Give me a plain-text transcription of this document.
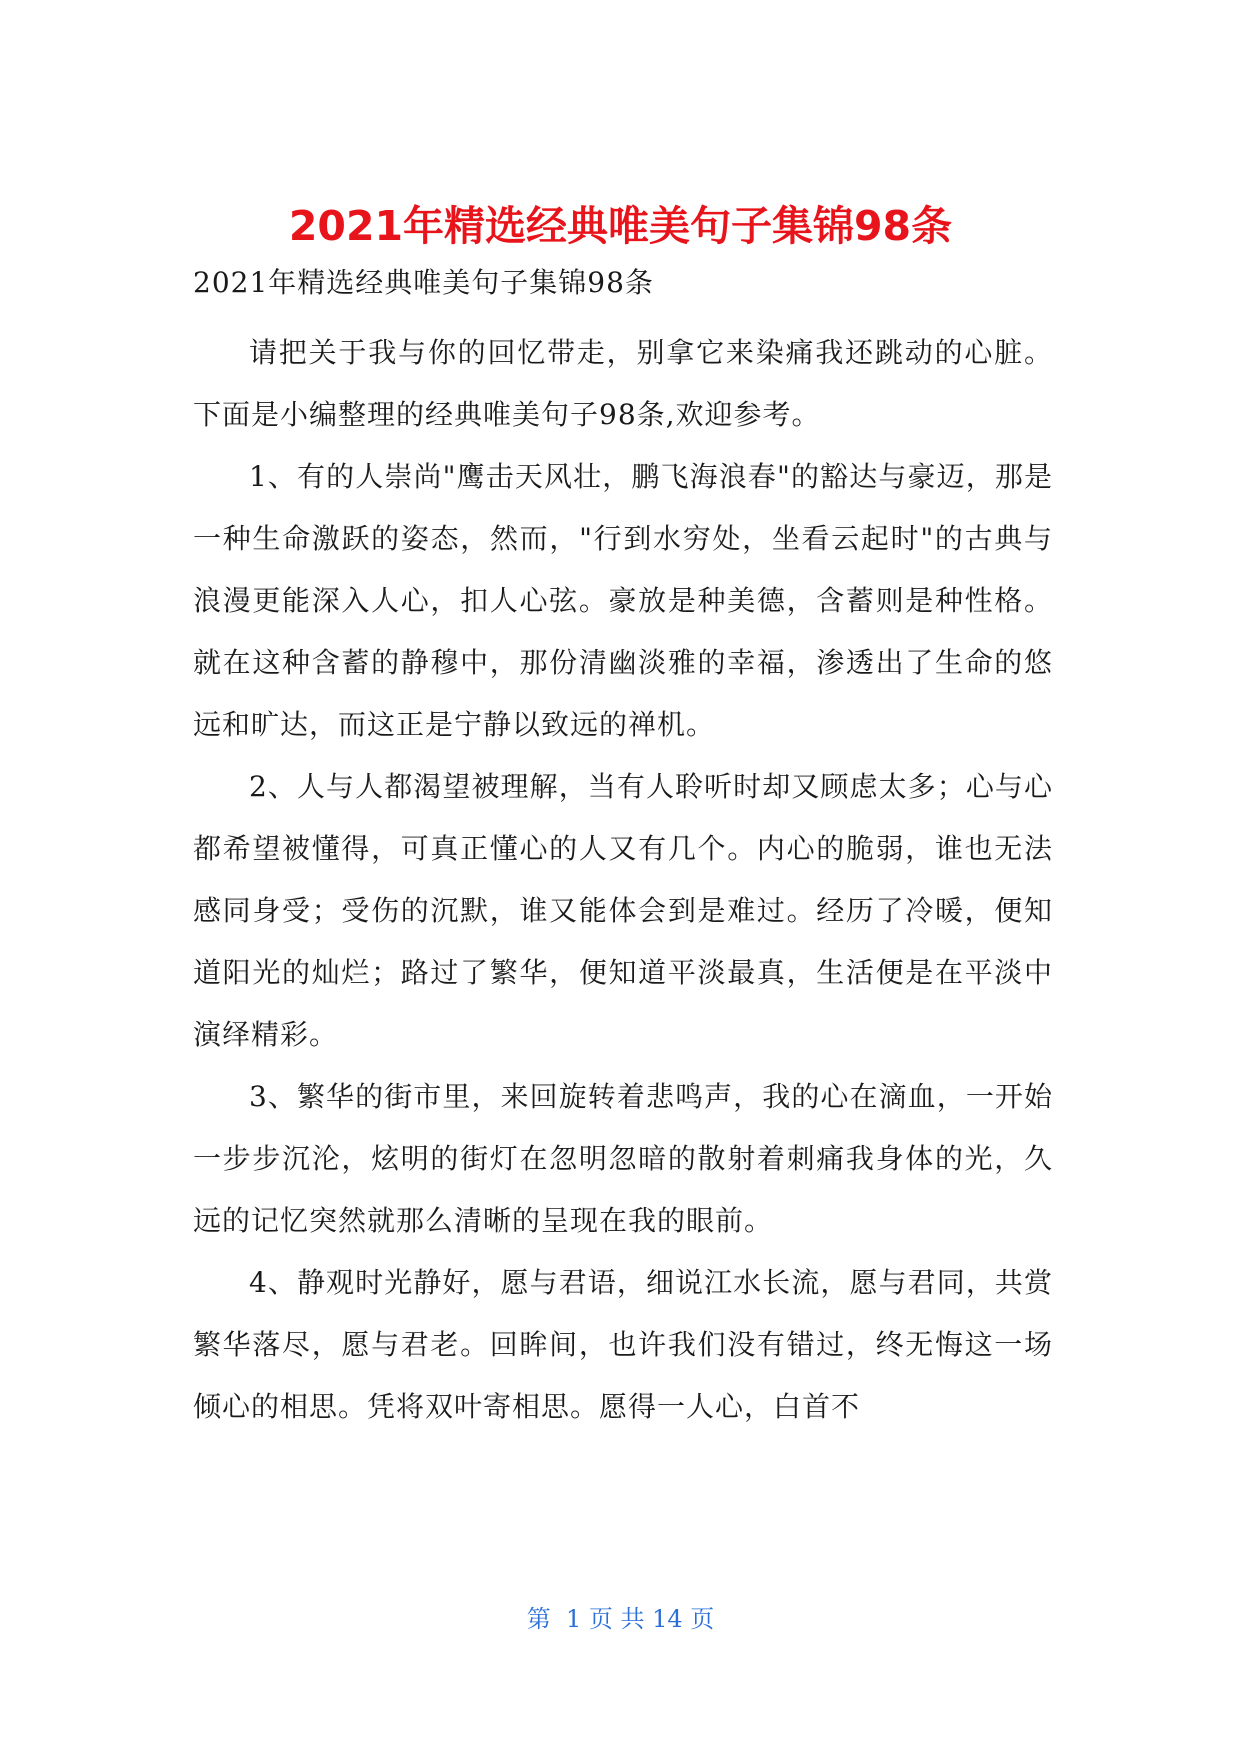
2021年精选经典唯美句子集锦98条

2021年精选经典唯美句子集锦98条

请把关于我与你的回忆带走，别拿它来染痛我还跳动的心脏。下面是小编整理的经典唯美句子98条,欢迎参考。

1、有的人崇尚"鹰击天风壮，鹏飞海浪春"的豁达与豪迈，那是一种生命激跃的姿态，然而，"行到水穷处，坐看云起时"的古典与浪漫更能深入人心，扣人心弦。豪放是种美德，含蓄则是种性格。就在这种含蓄的静穆中，那份清幽淡雅的幸福，渗透出了生命的悠远和旷达，而这正是宁静以致远的禅机。

2、人与人都渴望被理解，当有人聆听时却又顾虑太多；心与心都希望被懂得，可真正懂心的人又有几个。内心的脆弱，谁也无法感同身受；受伤的沉默，谁又能体会到是难过。经历了冷暖，便知道阳光的灿烂；路过了繁华，便知道平淡最真，生活便是在平淡中演绎精彩。

3、繁华的街市里，来回旋转着悲鸣声，我的心在滴血，一开始一步步沉沦，炫明的街灯在忽明忽暗的散射着刺痛我身体的光，久远的记忆突然就那么清晰的呈现在我的眼前。

4、静观时光静好，愿与君语，细说江水长流，愿与君同，共赏繁华落尽，愿与君老。回眸间，也许我们没有错过，终无悔这一场倾心的相思。凭将双叶寄相思。愿得一人心，白首不

第  1 页 共 14 页
